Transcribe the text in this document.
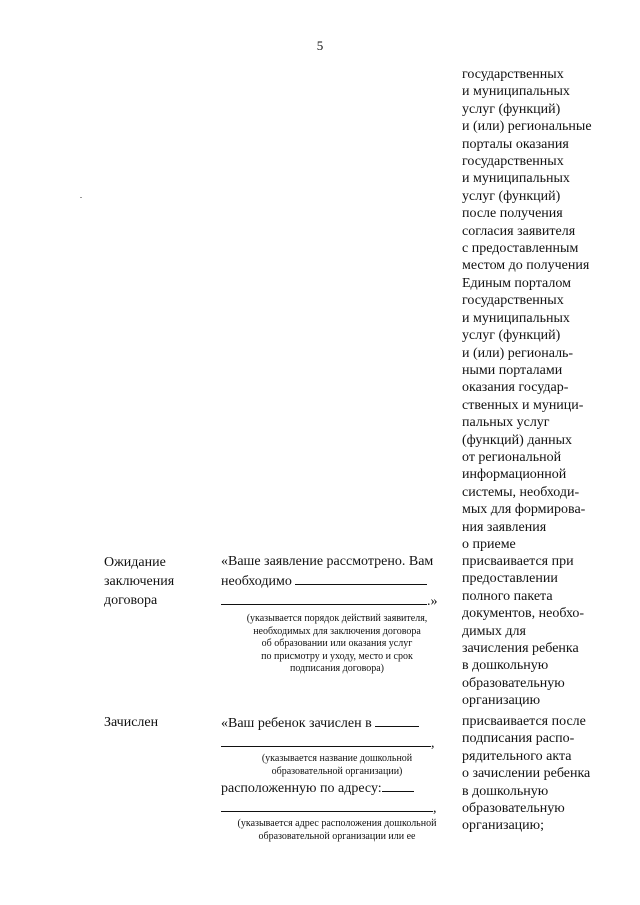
5
государственных
и муниципальных
услуг (функций)
и (или) региональные
порталы оказания
государственных
и муниципальных
услуг (функций)
после получения
согласия заявителя
с предоставленным
местом до получения
Единым порталом
государственных
и муниципальных
услуг (функций)
и (или) региональ-
ными порталами
оказания государ-
ственных и муници-
пальных услуг
(функций) данных
от региональной
информационной
системы, необходи-
мых для формирова-
ния заявления
о приеме
Ожидание
заключения
договора
«Ваше заявление рассмотрено. Вам
необходимо
.»
(указывается порядок действий заявителя,
необходимых для заключения договора
об образовании или оказания услуг
по присмотру и уходу, место и срок
подписания договора)
присваивается при
предоставлении
полного пакета
документов, необхо-
димых для
зачисления ребенка
в дошкольную
образовательную
организацию
Зачислен	«Ваш ребенок зачислен в
,
(указывается название дошкольной
образовательной организации)
расположенную по адресу:
,
(указывается адрес расположения дошкольной
образовательной организации или ее
присваивается после
подписания распо-
рядительного акта
о зачислении ребенка
в дошкольную
образовательную
организацию;
